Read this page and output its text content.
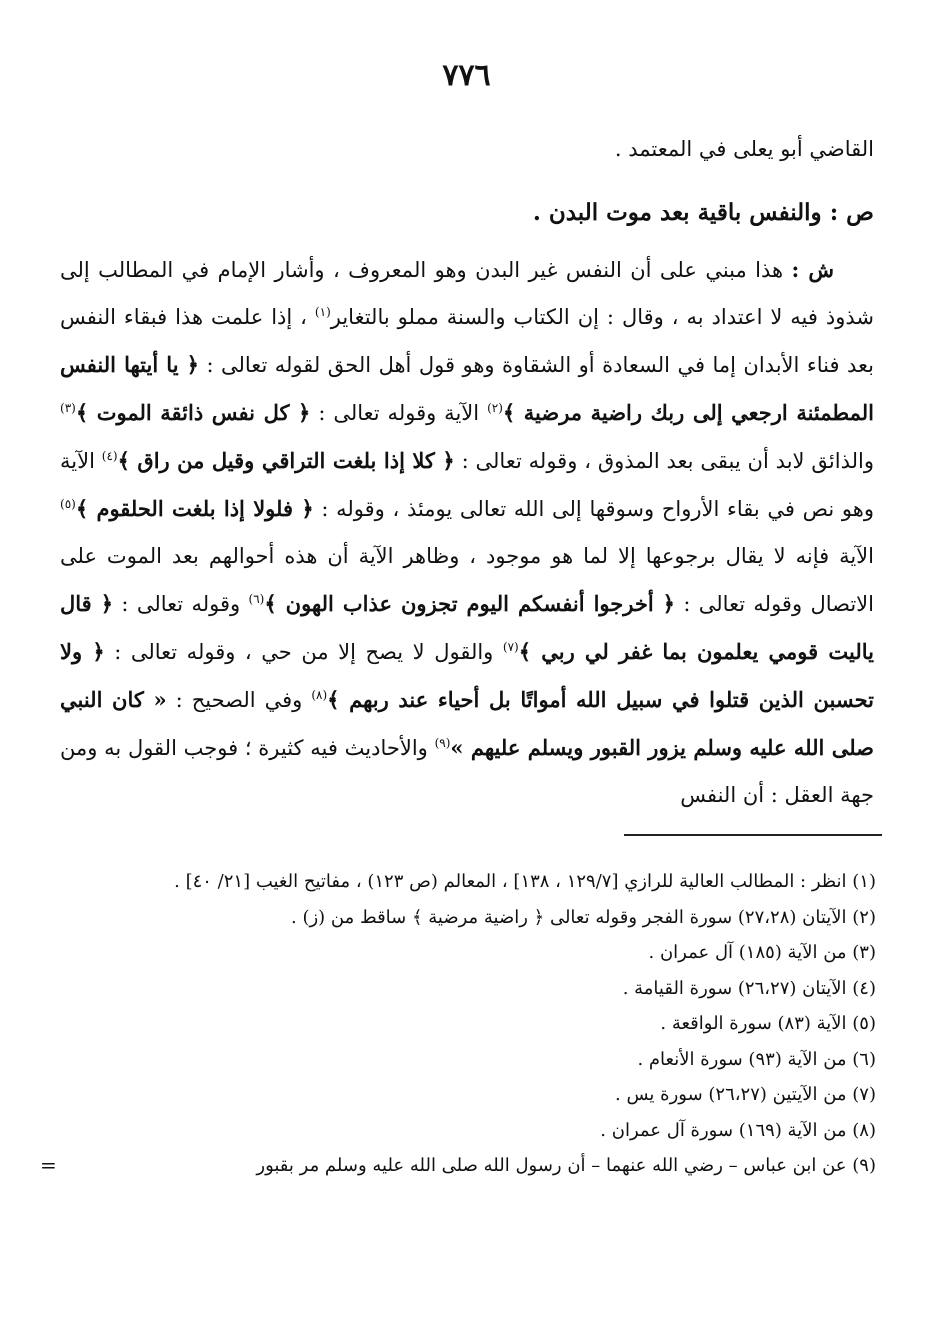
٧٧٦

القاضي أبو يعلى في المعتمد .

ص : والنفس باقية بعد موت البدن .

ش : هذا مبني على أن النفس غير البدن وهو المعروف ، وأشار الإمام في المطالب إلى شذوذ فيه لا اعتداد به ، وقال : إن الكتاب والسنة مملو بالتغاير$^{(١)}$ ، إذا علمت هذا فبقاء النفس بعد فناء الأبدان إما في السعادة أو الشقاوة وهو قول أهل الحق لقوله تعالى : ﴿ يا أيتها النفس المطمئنة ارجعي إلى ربك راضية مرضية ﴾$^{(٢)}$ الآية وقوله تعالى : ﴿ كل نفس ذائقة الموت ﴾$^{(٣)}$ والذائق لابد أن يبقى بعد المذوق ، وقوله تعالى : ﴿ كلا إذا بلغت التراقي وقيل من راق ﴾$^{(٤)}$ الآية وهو نص في بقاء الأرواح وسوقها إلى الله تعالى يومئذ ، وقوله : ﴿ فلولا إذا بلغت الحلقوم ﴾$^{(٥)}$ الآية فإنه لا يقال برجوعها إلا لما هو موجود ، وظاهر الآية أن هذه أحوالهم بعد الموت على الاتصال وقوله تعالى : ﴿ أخرجوا أنفسكم اليوم تجزون عذاب الهون ﴾$^{(٦)}$ وقوله تعالى : ﴿ قال ياليت قومي يعلمون بما غفر لي ربي ﴾$^{(٧)}$ والقول لا يصح إلا من حي ، وقوله تعالى : ﴿ ولا تحسبن الذين قتلوا في سبيل الله أمواتًا بل أحياء عند ربهم ﴾$^{(٨)}$ وفي الصحيح : « كان النبي صلى الله عليه وسلم يزور القبور ويسلم عليهم »$^{(٩)}$ والأحاديث فيه كثيرة ؛ فوجب القول به ومن جهة العقل : أن النفس

(١) انظر : المطالب العالية للرازي [١٢٩/٧ ، ١٣٨] ، المعالم (ص ١٢٣) ، مفاتيح الغيب [٢١/ ٤٠] .

(٢) الآيتان (٢٧،٢٨) سورة الفجر وقوله تعالى ﴿ راضية مرضية ﴾ ساقط من (ز) .

(٣) من الآية (١٨٥) آل عمران .

(٤) الآيتان (٢٦،٢٧) سورة القيامة .

(٥) الآية (٨٣) سورة الواقعة .

(٦) من الآية (٩٣) سورة الأنعام .

(٧) من الآيتين (٢٦،٢٧) سورة يس .

(٨) من الآية (١٦٩) سورة آل عمران .

(٩) عن ابن عباس – رضي الله عنهما – أن رسول الله صلى الله عليه وسلم مر بقبور
=
